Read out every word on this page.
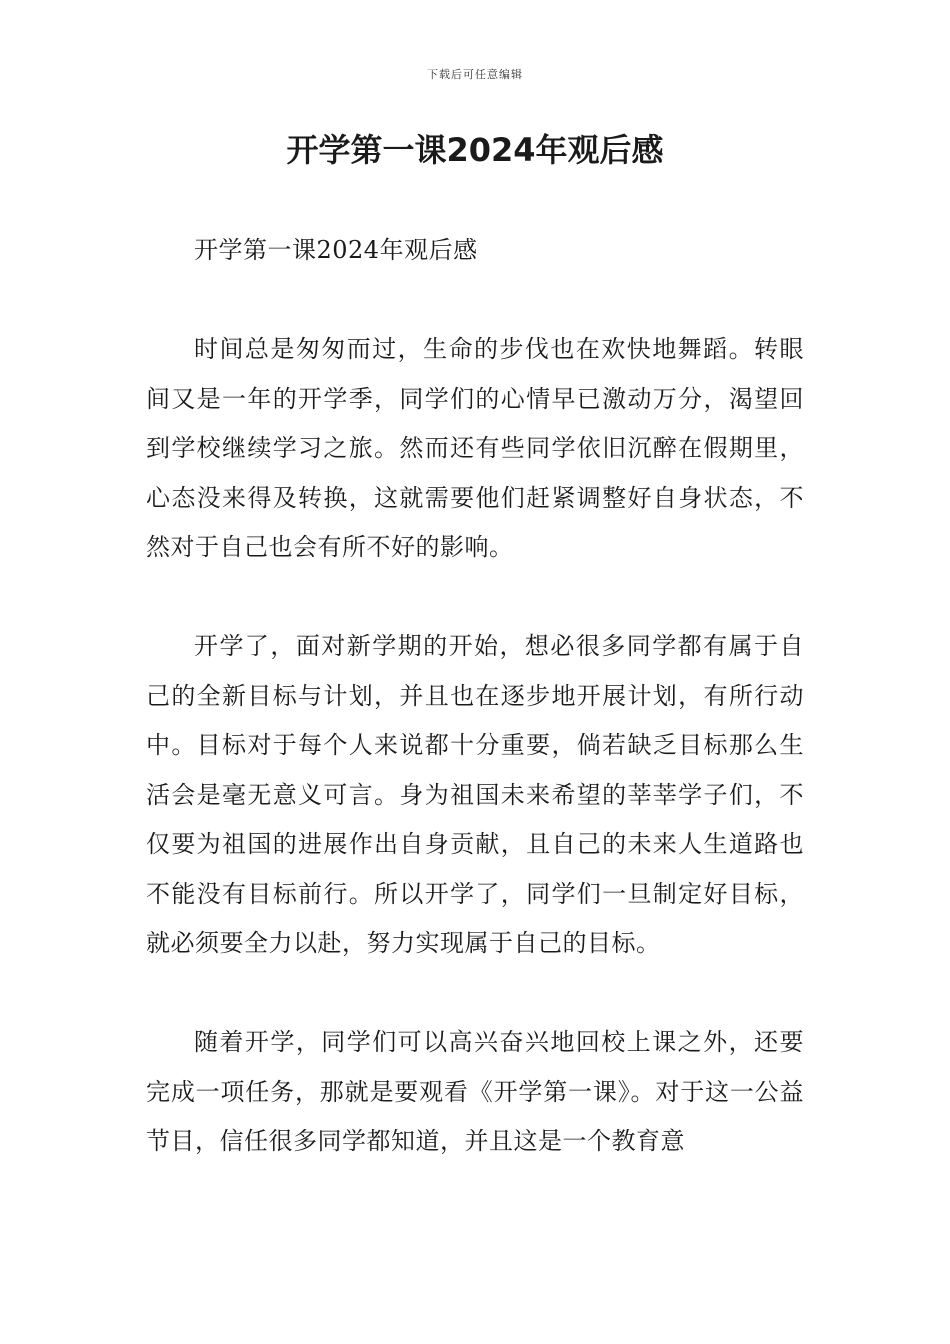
下载后可任意编辑
开学第一课2024年观后感

开学第一课2024年观后感

时间总是匆匆而过，生命的步伐也在欢快地舞蹈。转眼间又是一年的开学季，同学们的心情早已激动万分，渴望回到学校继续学习之旅。然而还有些同学依旧沉醉在假期里，心态没来得及转换，这就需要他们赶紧调整好自身状态，不然对于自己也会有所不好的影响。

开学了，面对新学期的开始，想必很多同学都有属于自己的全新目标与计划，并且也在逐步地开展计划，有所行动中。目标对于每个人来说都十分重要，倘若缺乏目标那么生活会是毫无意义可言。身为祖国未来希望的莘莘学子们，不仅要为祖国的进展作出自身贡献，且自己的未来人生道路也不能没有目标前行。所以开学了，同学们一旦制定好目标，就必须要全力以赴，努力实现属于自己的目标。

随着开学，同学们可以高兴奋兴地回校上课之外，还要完成一项任务，那就是要观看《开学第一课》。对于这一公益节目，信任很多同学都知道，并且这是一个教育意
